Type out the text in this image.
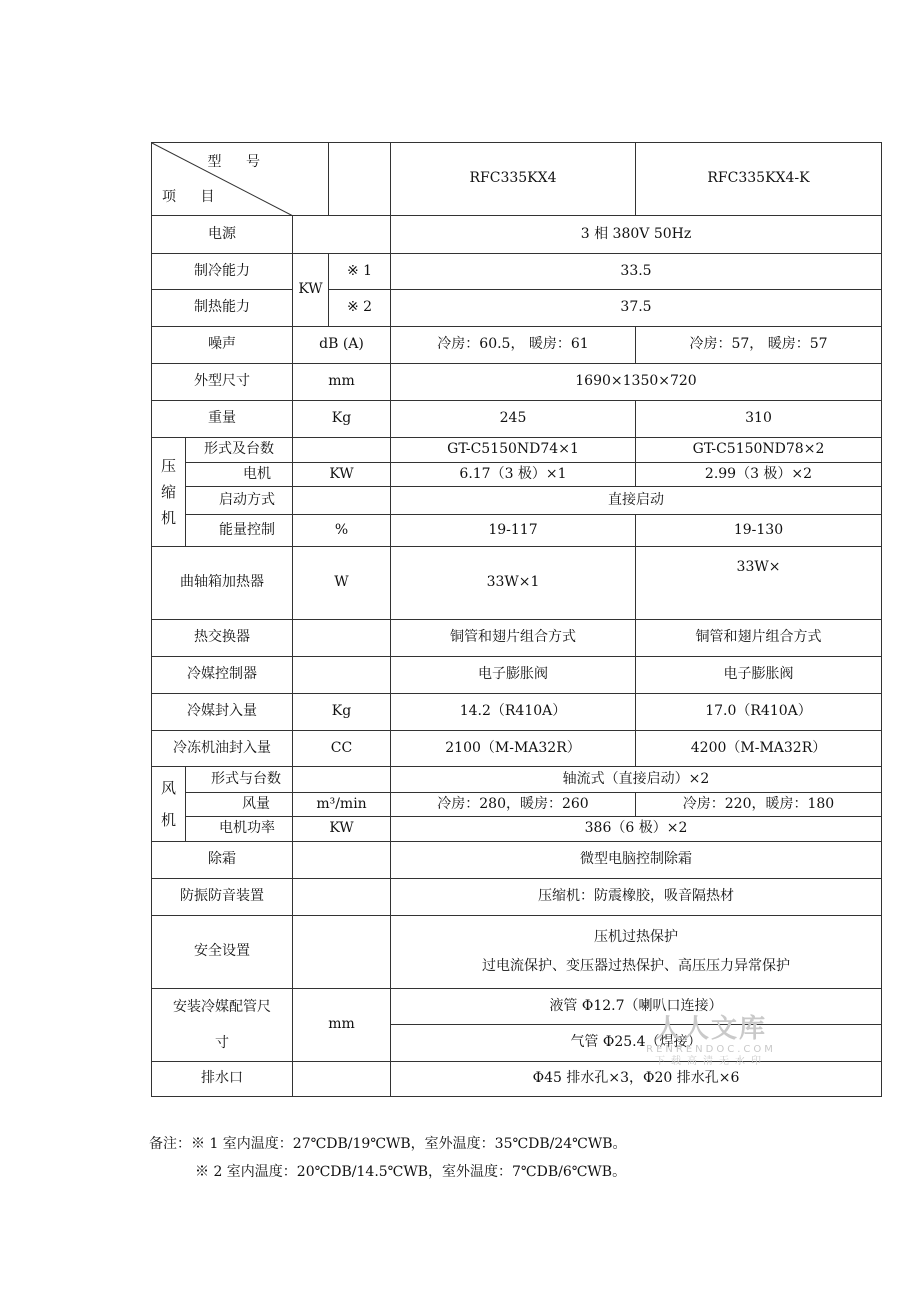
型 号
项 目				RFC335KX4	RFC335KX4-K
电源				3 相 380V 50Hz	
制冷能力		KW	※ 1	33.5	
制热能力			※ 2	37.5	
噪声		dB (A)		冷房：60.5， 暖房：61	冷房：57， 暖房：57
外型尺寸		mm		1690×1350×720	
重量		Kg		245	310
压缩机	形式及台数			GT-C5150ND74×1	GT-C5150ND78×2
	电机	KW		6.17（3 极）×1	2.99（3 极）×2
	启动方式			直接启动	
	能量控制	%		19-117	19-130
曲轴箱加热器		W		33W×1	33W×
热交换器				铜管和翅片组合方式	铜管和翅片组合方式
冷媒控制器				电子膨胀阀	电子膨胀阀
冷媒封入量		Kg		14.2（R410A）	17.0（R410A）
冷冻机油封入量		CC		2100（M-MA32R）	4200（M-MA32R）
风机	形式与台数			轴流式（直接启动）×2	
	风量	m³/min		冷房：280，暖房：260	冷房：220，暖房：180
	电机功率	KW		386（6 极）×2	
除霜				微型电脑控制除霜	
防振防音装置				压缩机：防震橡胶，吸音隔热材	
安全设置				压机过热保护
过电流保护、变压器过热保护、高压压力异常保护	

安装冷媒配管尺
寸		mm		液管 Φ12.7（喇叭口连接）	
				气管 Φ25.4（焊接）	
排水口				Φ45 排水孔×3，Φ20 排水孔×6	
人人文库
RENRENDOC.COM
下载高清无水印
备注：※ 1 室内温度：27℃DB/19℃WB，室外温度：35℃DB/24℃WB。
※ 2 室内温度：20℃DB/14.5℃WB，室外温度：7℃DB/6℃WB。
